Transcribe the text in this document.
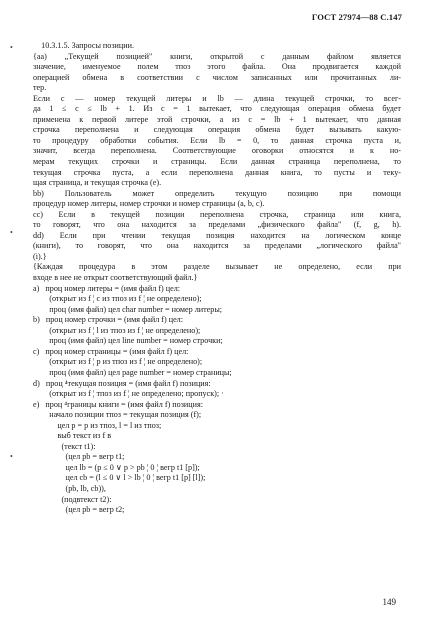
ГОСТ 27974—88 С.147
•
•
•
10.3.1.5. Запросы позиции.
{aa) „Текущей позицией" книги, открытой с данным файлом является
значение, именуемое полем тпоз этого файла. Она продвигается каждой
операцией обмена в соответствии с числом записанных или прочитанных ли-
тер.
Если c — номер текущей литеры и lb — длина текущей строчки, то всег-
да 1 ≤ c ≤ lb + 1. Из c = 1 вытекает, что следующая операция обмена будет
применена к первой литере этой строчки, а из c = lb + 1 вытекает, что данная
строчка переполнена и следующая операция обмена будет вызывать какую-
то процедуру обработки события. Если lb = 0, то данная строчка пуста и,
значит, всегда переполнена. Соответствующие оговорки относятся и к но-
мерам текущих строчки и страницы. Если данная страница переполнена, то
текущая строчка пуста, а если переполнена данная книга, то пусты и теку-
щая страница, и текущая строчка (e).
bb) Пользователь может определить текущую позицию при помощи
процедур номер литеры, номер строчки и номер страницы (a, b, c).
cc) Если в текущей позиции переполнена строчка, страница или книга,
то говорят, что она находится за пределами „физического файла" (f, g, h).
dd) Если при чтении текущая позиция находится на логическом конце
(книги), то говорят, что она находится за пределами „логического файла"
(i).}
{Каждая процедура в этом разделе вызывает не определено, если при
входе в нее не открыт соответствующий файл.}
a)   проц номер литеры = (имя файл f) цел:
(открыт из f ¦ c из тпоз из f ¦ не определено);
проц (имя файл) цел char number = номер литеры;
b)   проц номер строчки = (имя файл f) цел:
(открыт из f ¦ l из тпоз из f ¦ не определено);
проц (имя файл) цел line number = номер строчки;
c)   проц номер страницы = (имя файл f) цел:
(открыт из f ¦ p из тпоз из f ¦ не определено);
проц (имя файл) цел page number = номер страницы;
d)   проц ⁴текущая позиция = (имя файл f) позиция:
(открыт из f ¦ тпоз из f ¦ не определено; пропуск); ·
e)   проц ⁴границы книги = (имя файл f) позиция:
начало позиции тпоз = текущая позиция (f);
цел p = p из тпоз, l = l из тпоз;
выб текст из f в
(текст t1):
(цел pb = вегр t1;
цел lb = (p ≤ 0 ∨ p > pb ¦ 0 ¦ вегр t1 [p]);
цел cb = (l ≤ 0 ∨ l > lb ¦ 0 ¦ вегр t1 [p] [l]);
(pb, lb, cb)),
(подвтекст t2):
(цел pb = вегр t2;
149
